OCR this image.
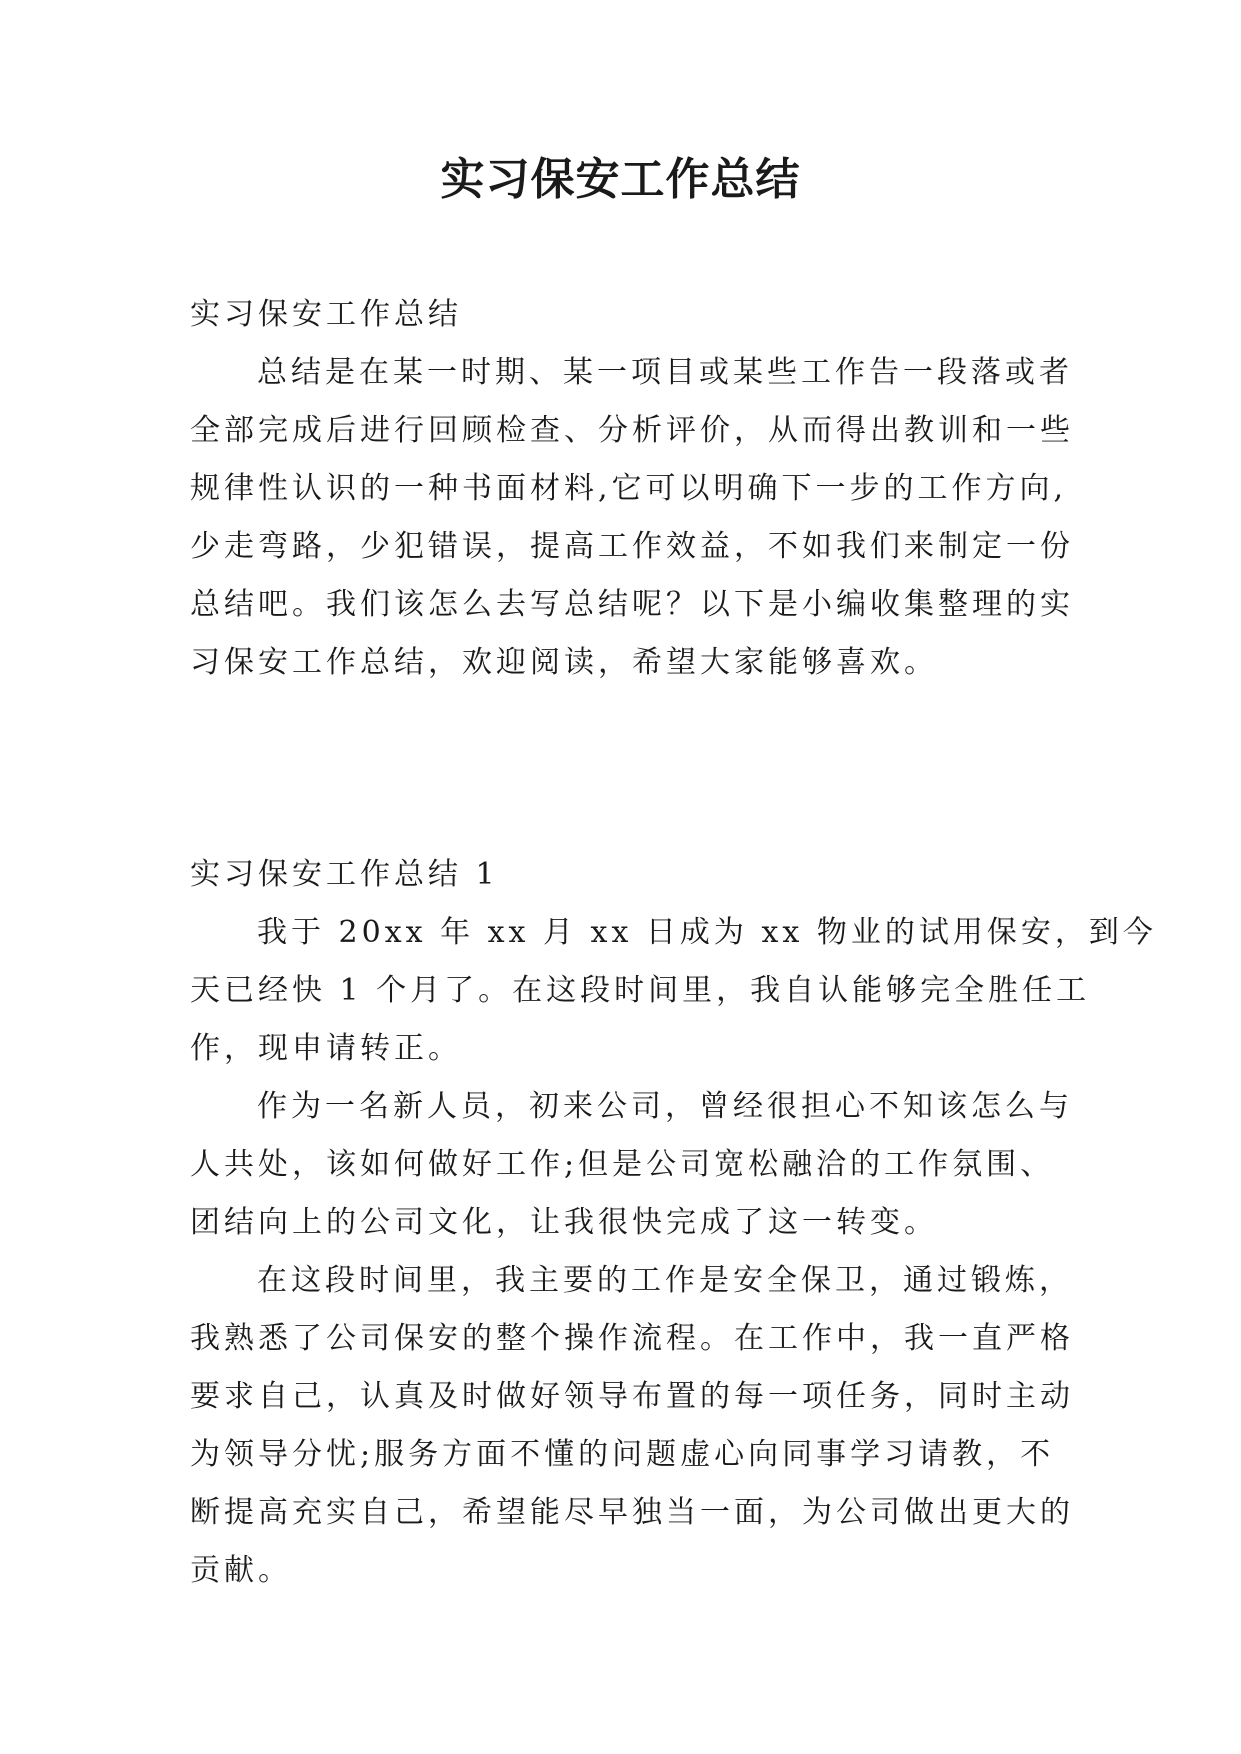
实习保安工作总结
实习保安工作总结
总结是在某一时期、某一项目或某些工作告一段落或者
全部完成后进行回顾检查、分析评价，从而得出教训和一些
规律性认识的一种书面材料,它可以明确下一步的工作方向,
少走弯路，少犯错误，提高工作效益，不如我们来制定一份
总结吧。我们该怎么去写总结呢？以下是小编收集整理的实
习保安工作总结，欢迎阅读，希望大家能够喜欢。
实习保安工作总结 1
我于 20xx 年 xx 月 xx 日成为 xx 物业的试用保安，到今
天已经快 1 个月了。在这段时间里，我自认能够完全胜任工
作，现申请转正。
作为一名新人员，初来公司，曾经很担心不知该怎么与
人共处，该如何做好工作;但是公司宽松融洽的工作氛围、
团结向上的公司文化，让我很快完成了这一转变。
在这段时间里，我主要的工作是安全保卫，通过锻炼，
我熟悉了公司保安的整个操作流程。在工作中，我一直严格
要求自己，认真及时做好领导布置的每一项任务，同时主动
为领导分忧;服务方面不懂的问题虚心向同事学习请教，不
断提高充实自己，希望能尽早独当一面，为公司做出更大的
贡献。
